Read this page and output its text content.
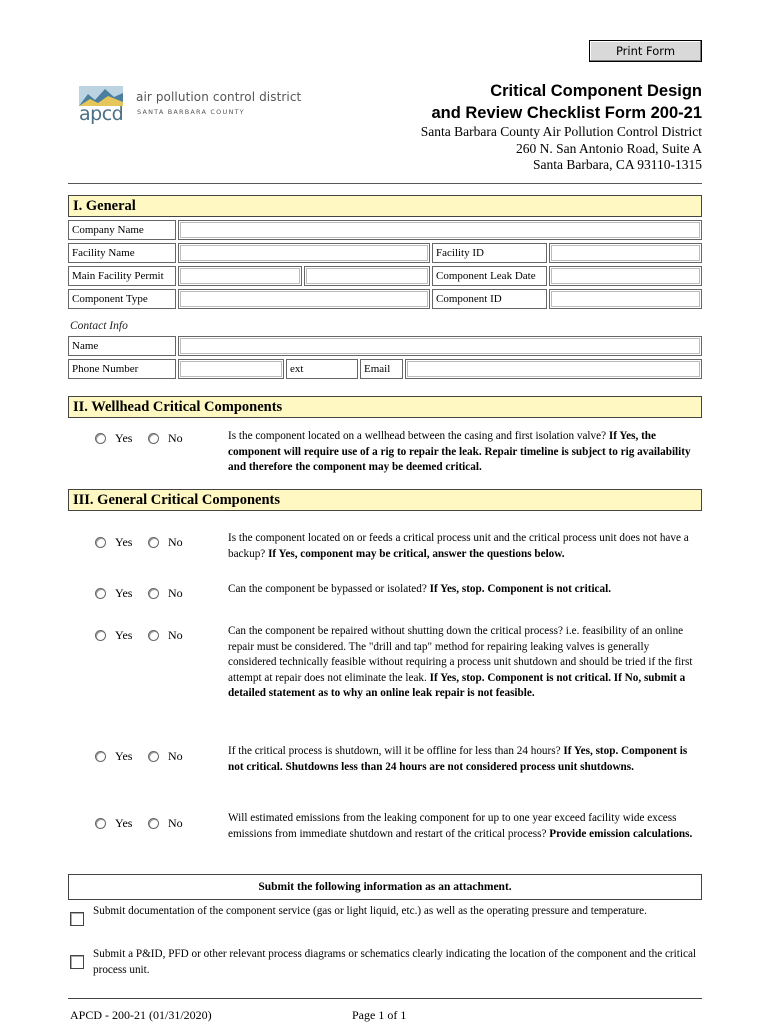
Print Form
apcd
air pollution control district
SANTA BARBARA COUNTY
Critical Component Design
and Review Checklist Form 200-21
Santa Barbara County Air Pollution Control District
260 N. San Antonio Road, Suite A
Santa Barbara, CA 93110-1315
I. General
Company Name
Facility Name	Facility ID
Main Facility Permit	Component Leak Date
Component Type	Component ID
Contact Info
Name
Phone Number	ext	Email
II. Wellhead Critical Components
Yes	No	Is the component located on a wellhead between the casing and first isolation valve? If Yes, the component will require use of a rig to repair the leak. Repair timeline is subject to rig availability and therefore the component may be deemed critical.
III. General Critical Components
Yes	No	Is the component located on or feeds a critical process unit and the critical process unit does not have a backup? If Yes, component may be critical, answer the questions below.
Yes	No	Can the component be bypassed or isolated? If Yes, stop. Component is not critical.
Yes	No	Can the component be repaired without shutting down the critical process? i.e. feasibility of an online repair must be considered. The "drill and tap" method for repairing leaking valves is generally considered technically feasible without requiring a process unit shutdown and should be tried if the first attempt at repair does not eliminate the leak. If Yes, stop. Component is not critical. If No, submit a detailed statement as to why an online leak repair is not feasible.
Yes	No	If the critical process is shutdown, will it be offline for less than 24 hours? If Yes, stop. Component is not critical. Shutdowns less than 24 hours are not considered process unit shutdowns.
Yes	No	Will estimated emissions from the leaking component for up to one year exceed facility wide excess emissions from immediate shutdown and restart of the critical process? Provide emission calculations.
Submit the following information as an attachment.
Submit documentation of the component service (gas or light liquid, etc.) as well as the operating pressure and temperature.
Submit a P&ID, PFD or other relevant process diagrams or schematics clearly indicating the location of the component and the critical process unit.
APCD - 200-21 (01/31/2020)	Page 1 of 1
